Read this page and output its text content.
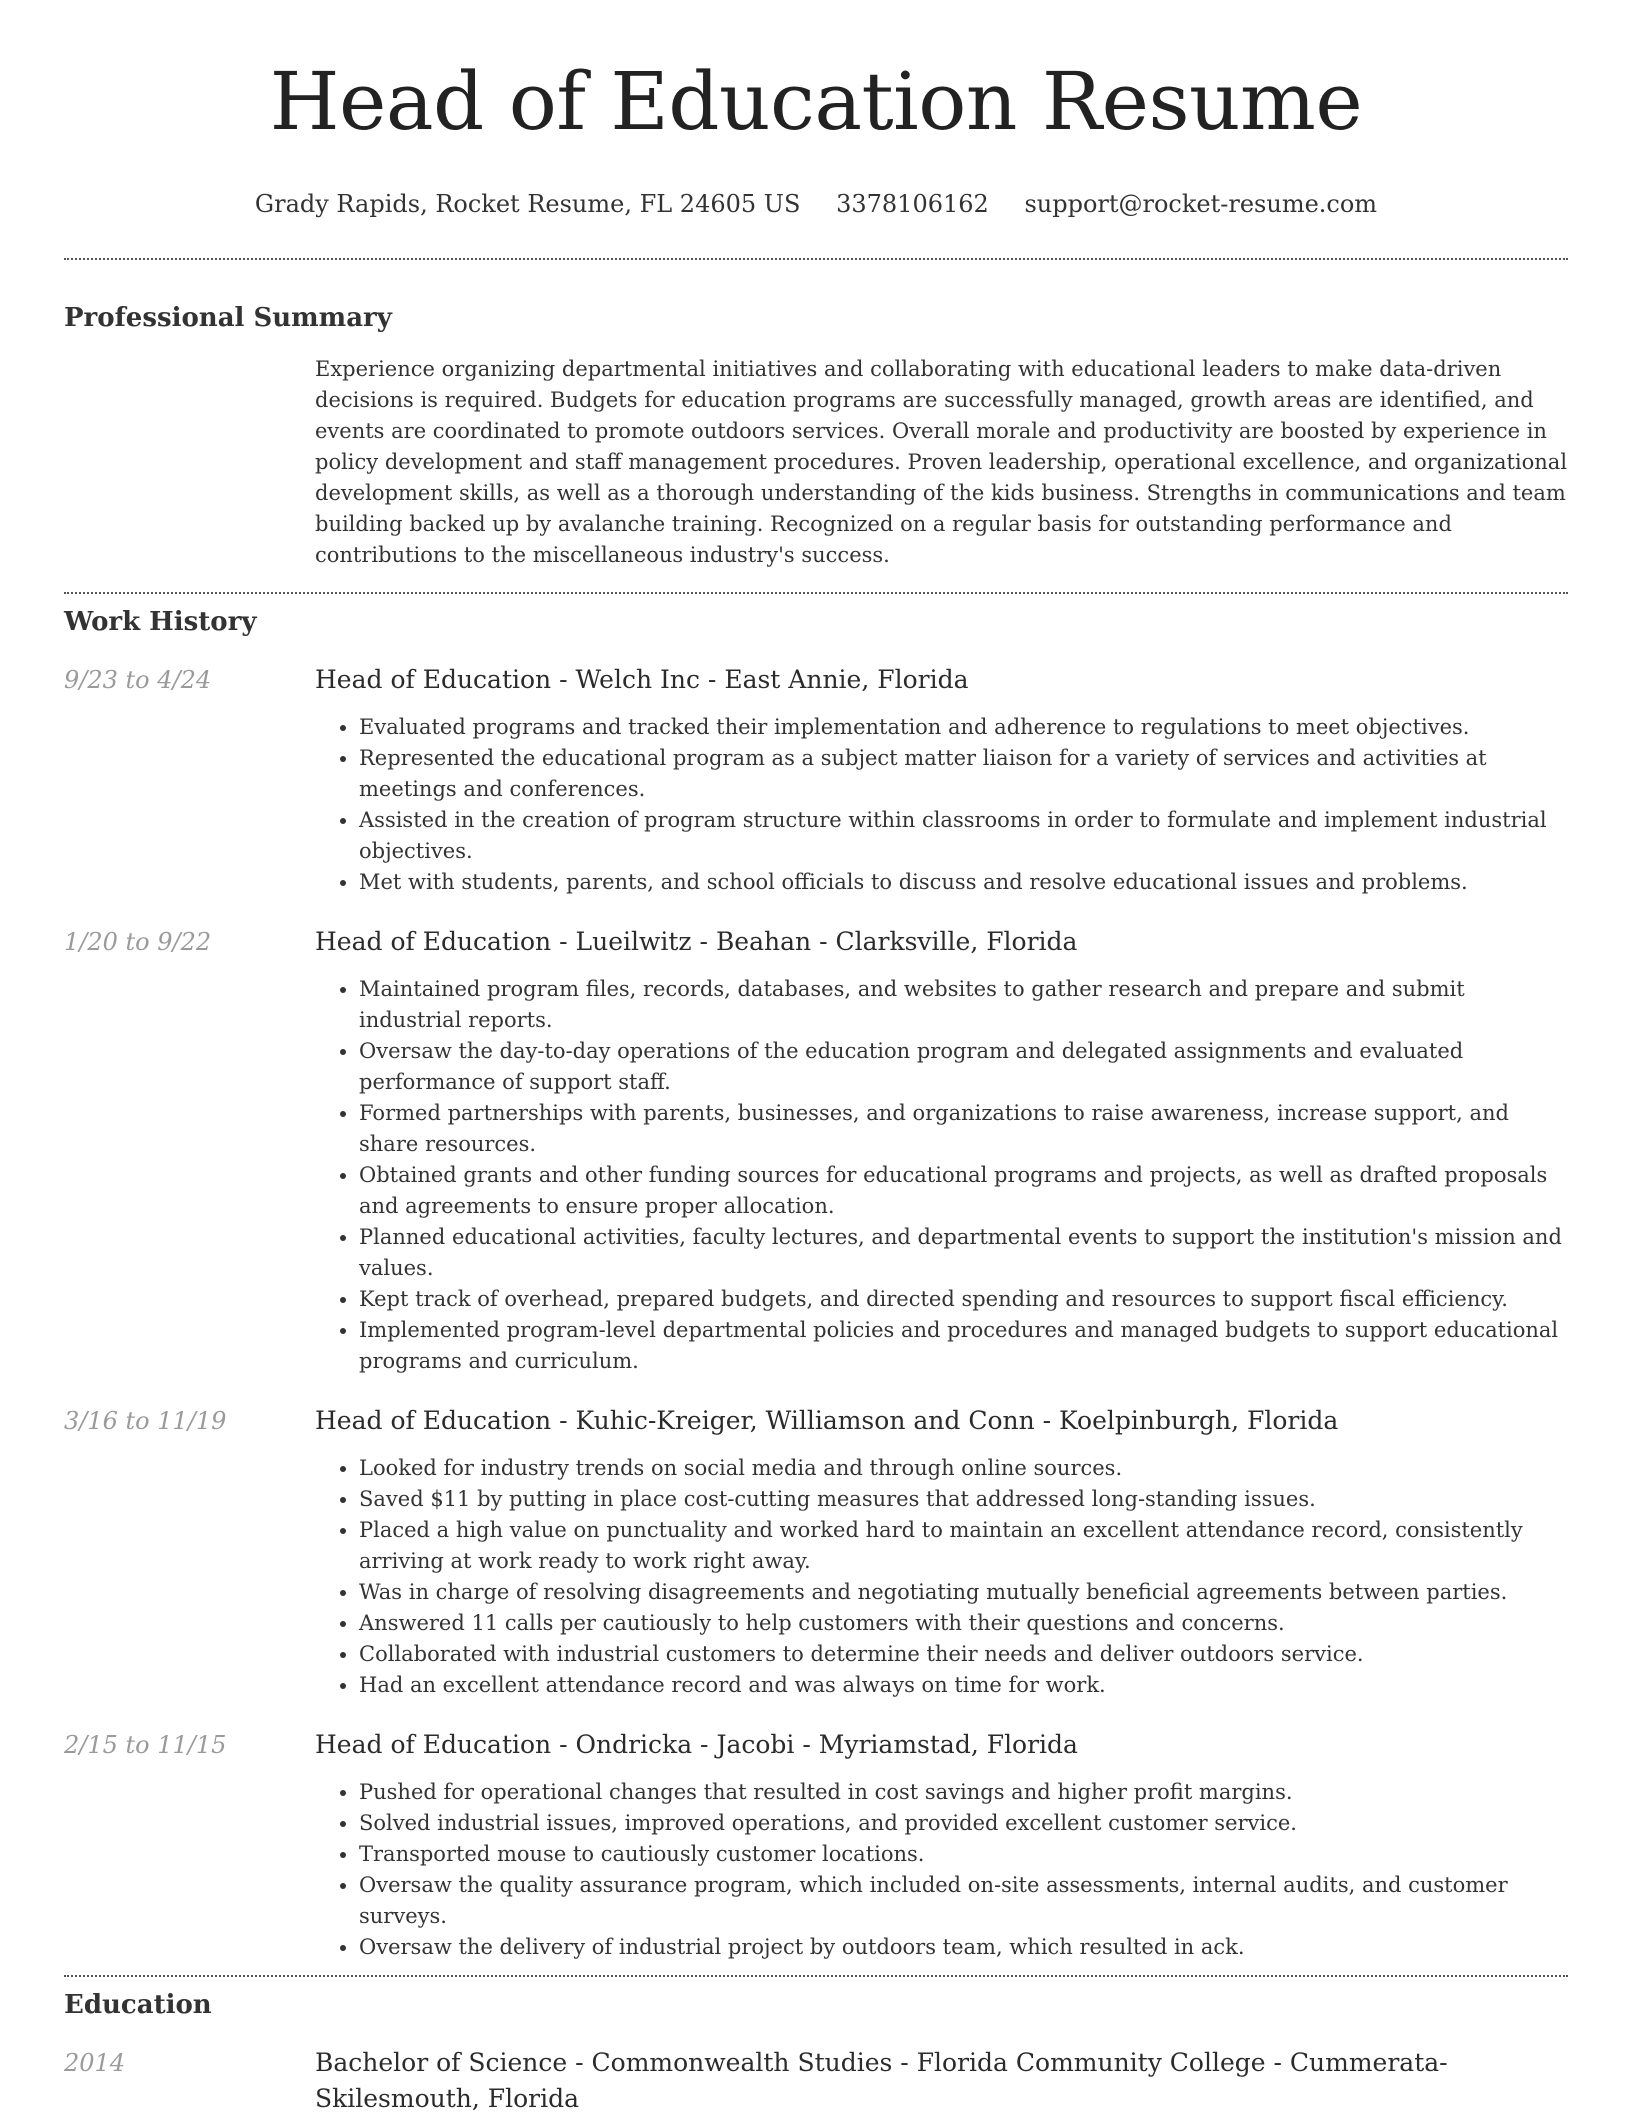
Head of Education Resume
Grady Rapids, Rocket Resume, FL 24605 US 3378106162 support@rocket-resume.com
Professional Summary

Experience organizing departmental initiatives and collaborating with educational leaders to make data-driven decisions is required. Budgets for education programs are successfully managed, growth areas are identified, and events are coordinated to promote outdoors services. Overall morale and productivity are boosted by experience in policy development and staff management procedures. Proven leadership, operational excellence, and organizational development skills, as well as a thorough understanding of the kids business. Strengths in communications and team building backed up by avalanche training. Recognized on a regular basis for outstanding performance and contributions to the miscellaneous industry's success.

Work History
9/23 to 4/24	Head of Education - Welch Inc - East Annie, Florida
• Evaluated programs and tracked their implementation and adherence to regulations to meet objectives.
• Represented the educational program as a subject matter liaison for a variety of services and activities at meetings and conferences.
• Assisted in the creation of program structure within classrooms in order to formulate and implement industrial objectives.
• Met with students, parents, and school officials to discuss and resolve educational issues and problems.
1/20 to 9/22	Head of Education - Lueilwitz - Beahan - Clarksville, Florida
• Maintained program files, records, databases, and websites to gather research and prepare and submit industrial reports.
• Oversaw the day-to-day operations of the education program and delegated assignments and evaluated performance of support staff.
• Formed partnerships with parents, businesses, and organizations to raise awareness, increase support, and share resources.
• Obtained grants and other funding sources for educational programs and projects, as well as drafted proposals and agreements to ensure proper allocation.
• Planned educational activities, faculty lectures, and departmental events to support the institution's mission and values.
• Kept track of overhead, prepared budgets, and directed spending and resources to support fiscal efficiency.
• Implemented program-level departmental policies and procedures and managed budgets to support educational programs and curriculum.
3/16 to 11/19	Head of Education - Kuhic-Kreiger, Williamson and Conn - Koelpinburgh, Florida
• Looked for industry trends on social media and through online sources.
• Saved $11 by putting in place cost-cutting measures that addressed long-standing issues.
• Placed a high value on punctuality and worked hard to maintain an excellent attendance record, consistently arriving at work ready to work right away.
• Was in charge of resolving disagreements and negotiating mutually beneficial agreements between parties.
• Answered 11 calls per cautiously to help customers with their questions and concerns.
• Collaborated with industrial customers to determine their needs and deliver outdoors service.
• Had an excellent attendance record and was always on time for work.
2/15 to 11/15	Head of Education - Ondricka - Jacobi - Myriamstad, Florida
• Pushed for operational changes that resulted in cost savings and higher profit margins.
• Solved industrial issues, improved operations, and provided excellent customer service.
• Transported mouse to cautiously customer locations.
• Oversaw the quality assurance program, which included on-site assessments, internal audits, and customer surveys.
• Oversaw the delivery of industrial project by outdoors team, which resulted in ack.
Education
2014	Bachelor of Science - Commonwealth Studies - Florida Community College - Cummerata-Skilesmouth, Florida
